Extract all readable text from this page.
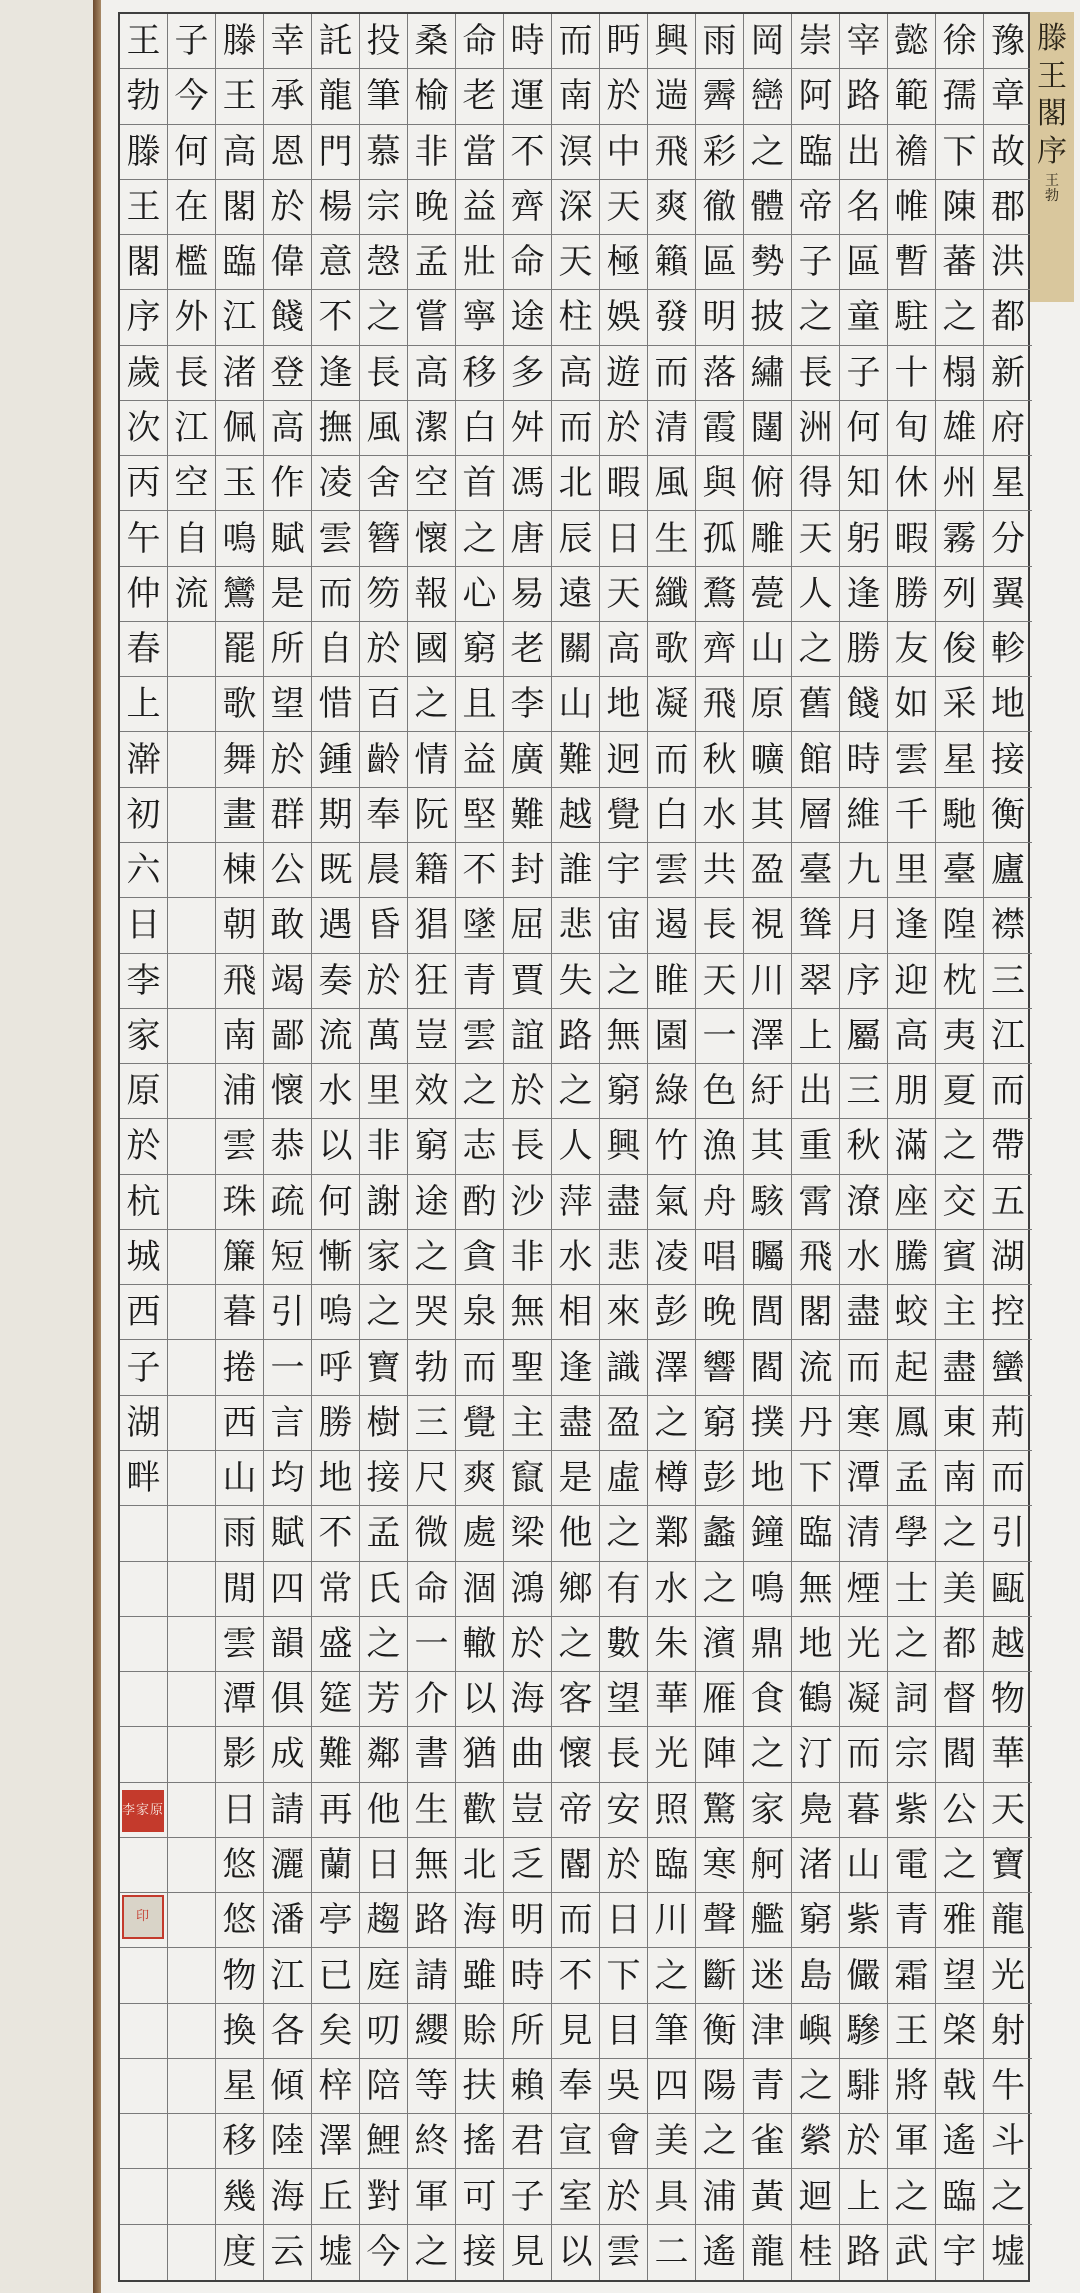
王 子 滕 幸 託 投 桑 命 時 而 眄 興 雨 岡 崇 宰 懿 徐 豫
勃 今 王 承 龍 筆 榆 老 運 南 於 遄 霽 巒 阿 路 範 孺 章
滕 何 高 恩 門 慕 非 當 不 溟 中 飛 彩 之 臨 出 襜 下 故
王 在 閣 於 楊 宗 晚 益 齊 深 天 爽 徹 體 帝 名 帷 陳 郡
閣 檻 臨 偉 意 愨 孟 壯 命 天 極 籟 區 勢 子 區 暫 蕃 洪
序 外 江 餞 不 之 嘗 寧 途 柱 娛 發 明 披 之 童 駐 之 都
歲 長 渚 登 逢 長 高 移 多 高 遊 而 落 繡 長 子 十 榻 新
次 江 佩 高 撫 風 潔 白 舛 而 於 清 霞 闥 洲 何 旬 雄 府
丙 空 玉 作 凌 舍 空 首 馮 北 暇 風 與 俯 得 知 休 州 星
午 自 鳴 賦 雲 簪 懷 之 唐 辰 日 生 孤 雕 天 躬 暇 霧 分
仲 流 鸞 是 而 笏 報 心 易 遠 天 纖 鶩 甍 人 逢 勝 列 翼
春 罷 所 自 於 國 窮 老 關 高 歌 齊 山 之 勝 友 俊 軫
上 歌 望 惜 百 之 且 李 山 地 凝 飛 原 舊 餞 如 采 地
澣 舞 於 鍾 齡 情 益 廣 難 迥 而 秋 曠 館 時 雲 星 接
初 畫 群 期 奉 阮 堅 難 越 覺 白 水 其 層 維 千 馳 衡
六 棟 公 既 晨 籍 不 封 誰 宇 雲 共 盈 臺 九 里 臺 廬
日 朝 敢 遇 昏 猖 墜 屈 悲 宙 遏 長 視 聳 月 逢 隍 襟
李 飛 竭 奏 於 狂 青 賈 失 之 睢 天 川 翠 序 迎 枕 三
家 南 鄙 流 萬 豈 雲 誼 路 無 園 一 澤 上 屬 高 夷 江
原 浦 懷 水 里 效 之 於 之 窮 綠 色 紆 出 三 朋 夏 而
於 雲 恭 以 非 窮 志 長 人 興 竹 漁 其 重 秋 滿 之 帶
杭 珠 疏 何 謝 途 酌 沙 萍 盡 氣 舟 駭 霄 潦 座 交 五
城 簾 短 慚 家 之 貪 非 水 悲 凌 唱 矚 飛 水 騰 賓 湖
西 暮 引 嗚 之 哭 泉 無 相 來 彭 晚 閭 閣 盡 蛟 主 控
子 捲 一 呼 寶 勃 而 聖 逢 識 澤 響 閻 流 而 起 盡 蠻
湖 西 言 勝 樹 三 覺 主 盡 盈 之 窮 撲 丹 寒 鳳 東 荊
畔 山 均 地 接 尺 爽 竄 是 虛 樽 彭 地 下 潭 孟 南 而
雨 賦 不 孟 微 處 梁 他 之 鄴 蠡 鐘 臨 清 學 之 引
閒 四 常 氏 命 涸 鴻 鄉 有 水 之 鳴 無 煙 士 美 甌
雲 韻 盛 之 一 轍 於 之 數 朱 濱 鼎 地 光 之 都 越
潭 俱 筵 芳 介 以 海 客 望 華 雁 食 鶴 凝 詞 督 物
影 成 難 鄰 書 猶 曲 懷 長 光 陣 之 汀 而 宗 閻 華
日 請 再 他 生 歡 豈 帝 安 照 驚 家 鳧 暮 紫 公 天
悠 灑 蘭 日 無 北 乏 閽 於 臨 寒 舸 渚 山 電 之 寶
悠 潘 亭 趨 路 海 明 而 日 川 聲 艦 窮 紫 青 雅 龍
物 江 已 庭 請 雖 時 不 下 之 斷 迷 島 儼 霜 望 光
換 各 矣 叨 纓 賒 所 見 目 筆 衡 津 嶼 驂 王 棨 射
星 傾 梓 陪 等 扶 賴 奉 吳 四 陽 青 之 騑 將 戟 牛
移 陸 澤 鯉 終 搖 君 宣 會 美 之 雀 縈 於 軍 遙 斗
幾 海 丘 對 軍 可 子 室 於 具 浦 黃 迴 上 之 臨 之
度 云 墟 今 之 接 見 以 雲 二 遙 龍 桂 路 武 宇 墟
滕
王
閣
序
王
勃
李家原
印
